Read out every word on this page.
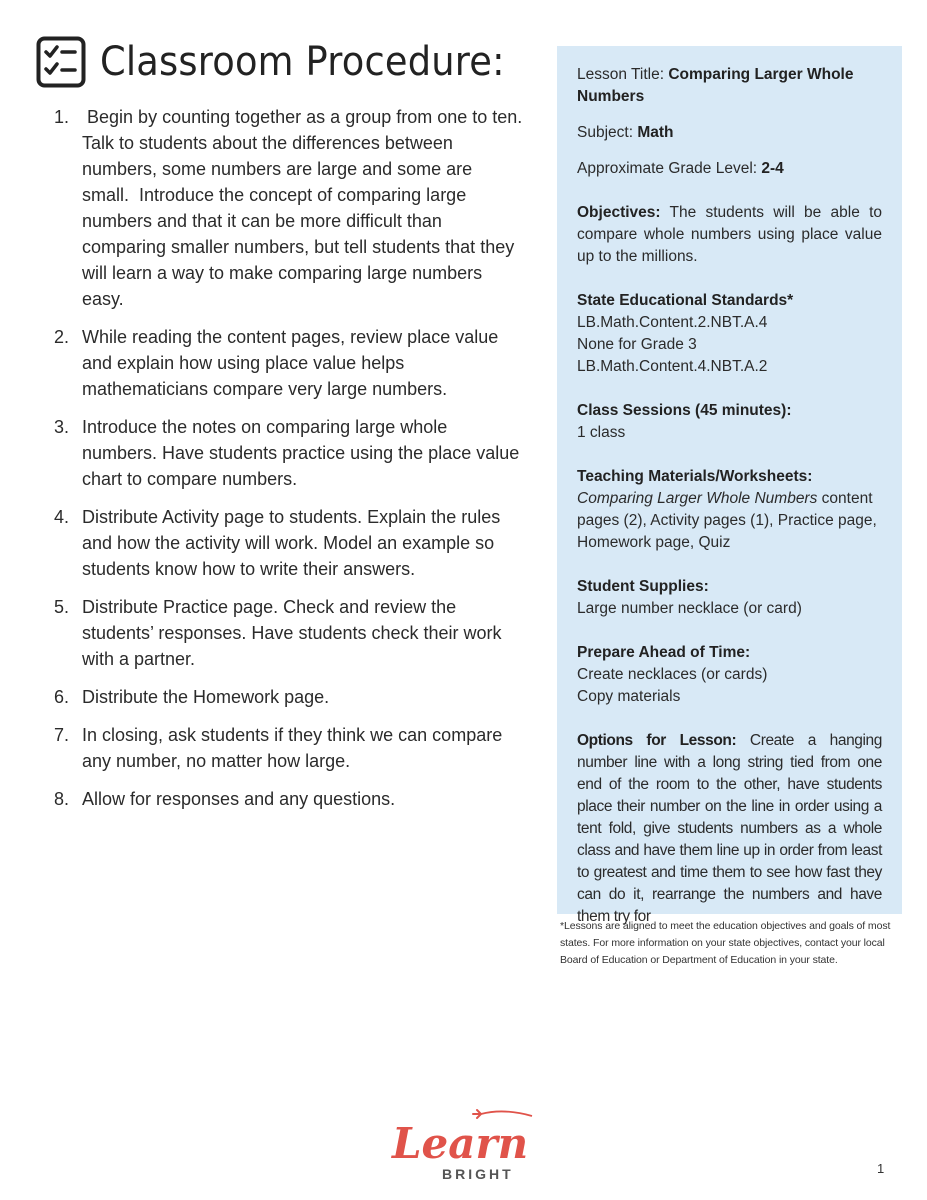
Classroom Procedure:
1. Begin by counting together as a group from one to ten. Talk to students about the differences between numbers, some numbers are large and some are small.  Introduce the concept of comparing large numbers and that it can be more difficult than comparing smaller numbers, but tell students that they will learn a way to make comparing large numbers easy.
2. While reading the content pages, review place value and explain how using place value helps mathematicians compare very large numbers.
3. Introduce the notes on comparing large whole numbers. Have students practice using the place value chart to compare numbers.
4. Distribute Activity page to students. Explain the rules and how the activity will work. Model an example so students know how to write their answers.
5. Distribute Practice page. Check and review the students’ responses. Have students check their work with a partner.
6. Distribute the Homework page.
7. In closing, ask students if they think we can compare any number, no matter how large.
8. Allow for responses and any questions.

Lesson Title: Comparing Larger Whole Numbers

Subject: Math

Approximate Grade Level: 2-4

Objectives: The students will be able to compare whole numbers using place value up to the millions.

State Educational Standards*
LB.Math.Content.2.NBT.A.4
None for Grade 3
LB.Math.Content.4.NBT.A.2
Class Sessions (45 minutes):
1 class
Teaching Materials/Worksheets:
Comparing Larger Whole Numbers content pages (2), Activity pages (1), Practice page, Homework page, Quiz
Student Supplies:
Large number necklace (or card)
Prepare Ahead of Time:
Create necklaces (or cards)
Copy materials

Options for Lesson: Create a hanging number line with a long string tied from one end of the room to the other, have students place their number on the line in order using a tent fold, give students numbers as a whole class and have them line up in order from least to greatest and time them to see how fast they can do it, rearrange the numbers and have them try for

*Lessons are aligned to meet the education objectives and goals of most states. For more information on your state objectives, contact your local Board of Education or Department of Education in your state.
Learn
BRIGHT	1
